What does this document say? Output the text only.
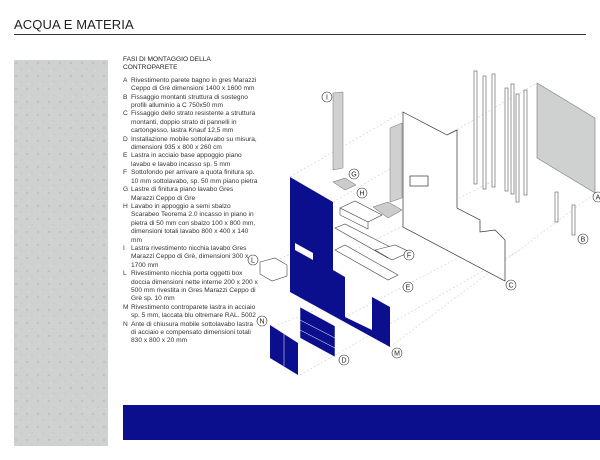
ACQUA E MATERIA
FASI DI MONTAGGIO DELLA CONTROPARETE
A Rivestimento parete bagno in gres Marazzi Ceppo di Grè dimensioni 1400 x 1600 mm
B Fissaggio montanti struttura di sostegno profili alluminio a C 750x50 mm
C Fissaggio dello strato resistente a struttura montanti, doppio strato di pannelli in cartongesso, lastra Knauf 12,5 mm
D Installazione mobile sottolavabo su misura, dimensioni 935 x 800 x 260 cm
E Lastra in acciaio base appoggio piano lavabo e lavabo incasso sp. 5 mm
F Sottofondo per arrivare a quota finitura sp. 10 mm sottolavabo, sp. 50 mm piano pietra
G Lastre di finitura piano lavabo Gres Marazzi Ceppo di Gre
H Lavabo in appoggio a semi sbalzo Scarabeo Teorema 2.0 incasso in piano in pietra di 50 mm con sbalzo 100 x 800 mm, dimensioni totali lavabo 800 x 400 x 140 mm
I Lastra rivestimento nicchia lavabo Gres Marazzi Ceppo di Grè, dimensioni 300 x 1700 mm
L Rivestimento nicchia porta oggetti box doccia dimensioni nette interne 200 x 200 x 500 mm rivestita in Gres Marazzi Ceppo di Grè sp. 10 mm
M Rivestimento controparete lastra in acciaio sp. 5 mm, laccata blu oltremare RAL. 5002
N Ante di chiusura mobile sottolavabo lastra di acciaio e compensato dimensioni totali 830 x 800 x 20 mm
A
B
C
D
E
F
G
H
I
L
M
N
